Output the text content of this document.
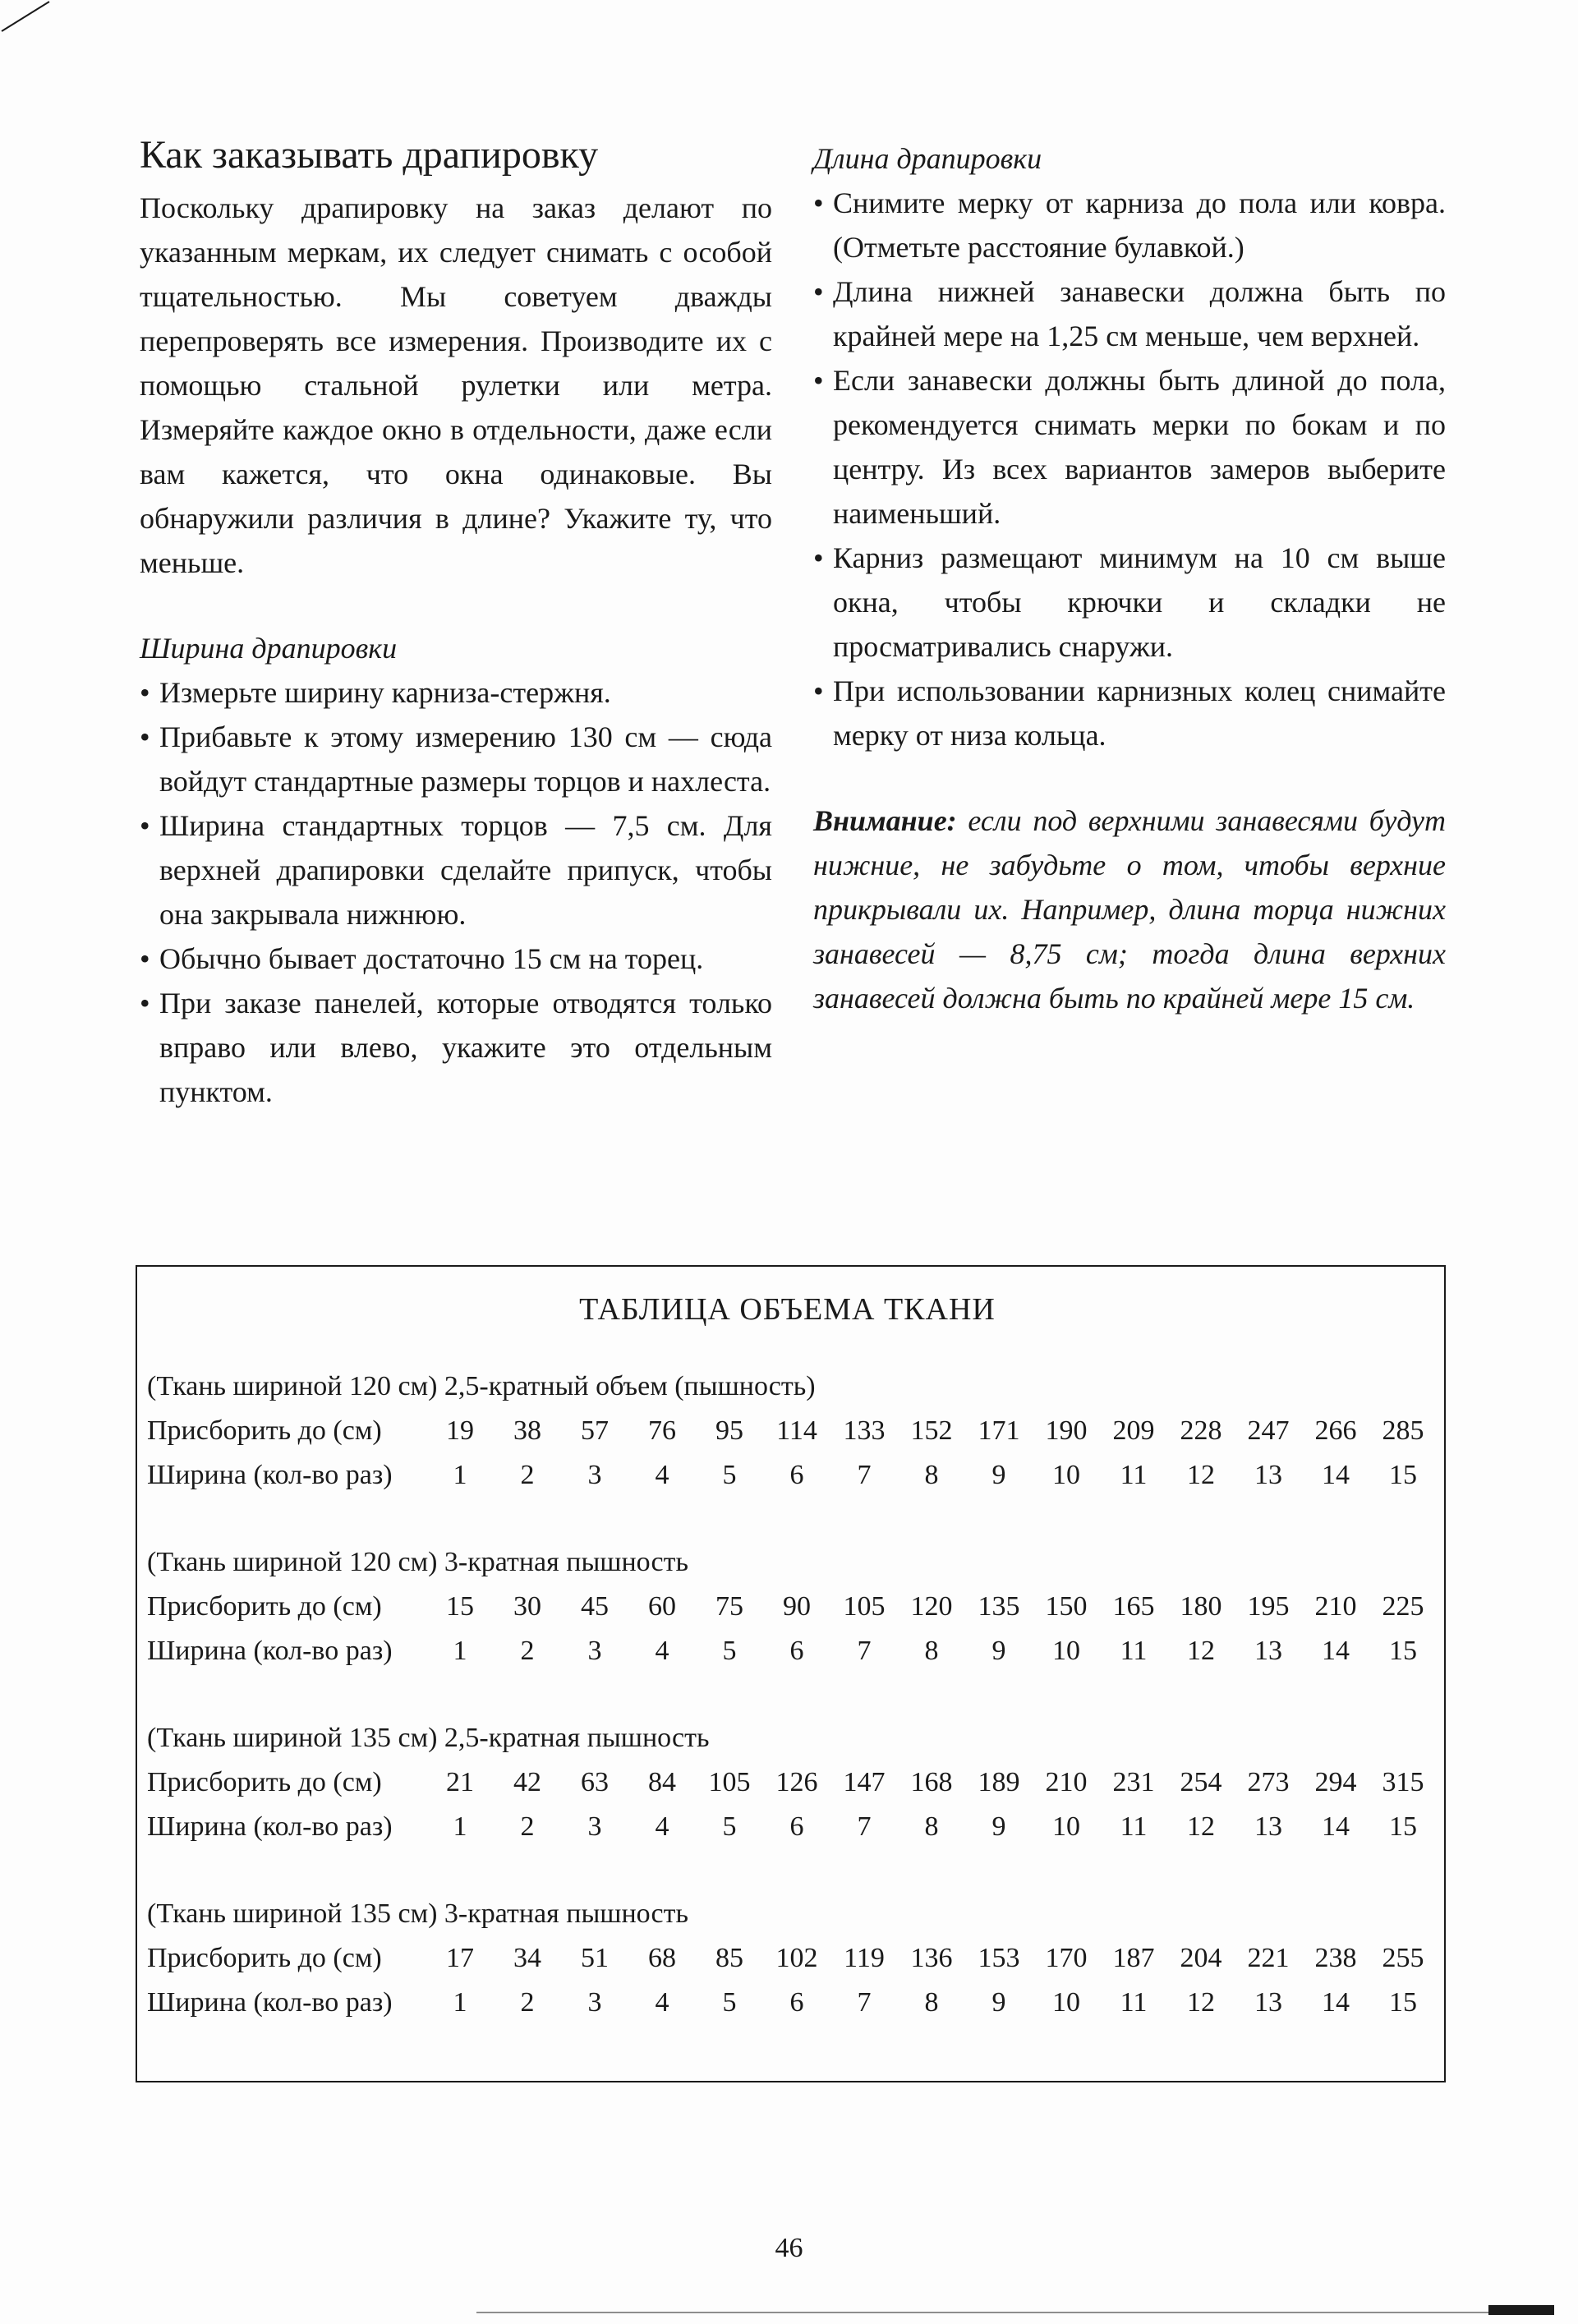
Как заказывать драпировку

Поскольку драпировку на заказ делают по указанным меркам, их следует снимать с особой тщательностью. Мы советуем дважды перепроверять все измерения. Производите их с помощью стальной рулетки или метра. Измеряйте каждое окно в отдельности, даже если вам кажется, что окна одинаковые. Вы обнаружили различия в длине? Укажите ту, что меньше.

Ширина драпировки

• Измерьте ширину карниза-стержня.
• Прибавьте к этому измерению 130 см — сюда войдут стандартные размеры торцов и нахлеста.
• Ширина стандартных торцов — 7,5 см. Для верхней драпировки сделайте припуск, чтобы она закрывала нижнюю.
• Обычно бывает достаточно 15 см на торец.
• При заказе панелей, которые отводятся только вправо или влево, укажите это отдельным пунктом.

Длина драпировки

• Снимите мерку от карниза до пола или ковра. (Отметьте расстояние булавкой.)
• Длина нижней занавески должна быть по крайней мере на 1,25 см меньше, чем верхней.
• Если занавески должны быть длиной до пола, рекомендуется снимать мерки по бокам и по центру. Из всех вариантов замеров выберите наименьший.
• Карниз размещают минимум на 10 см выше окна, чтобы крючки и складки не просматривались снаружи.
• При использовании карнизных колец снимайте мерку от низа кольца.

Внимание: если под верхними занавесями будут нижние, не забудьте о том, чтобы верхние прикрывали их. Например, длина торца нижних занавесей — 8,75 см; тогда длина верхних занавесей должна быть по крайней мере 15 см.

ТАБЛИЦА ОБЪЕМА ТКАНИ
(Ткань шириной 120 см) 2,5-кратный объем (пышность)
Присборить до (см)	19	38	57	76	95	114 133 152 171 190 209 228 247 266 285
Ширина (кол-во раз)	1	2	3	4	5	6	7	8	9	10	11	12	13	14	15
(Ткань шириной 120 см) 3-кратная пышность
Присборить до (см)	15	30	45	60	75	90	105 120 135 150 165 180 195 210 225
Ширина (кол-во раз)	1	2	3	4	5	6	7	8	9	10	11	12	13	14	15
(Ткань шириной 135 см) 2,5-кратная пышность
Присборить до (см)	21	42	63	84	105 126 147 168 189 210 231 254 273 294 315
Ширина (кол-во раз)	1	2	3	4	5	6	7	8	9	10	11	12	13	14	15
(Ткань шириной 135 см) 3-кратная пышность
Присборить до (см)	17	34	51	68	85	102 119 136 153 170 187 204 221 238 255
Ширина (кол-во раз)	1	2	3	4	5	6	7	8	9	10	11	12	13	14	15
46
